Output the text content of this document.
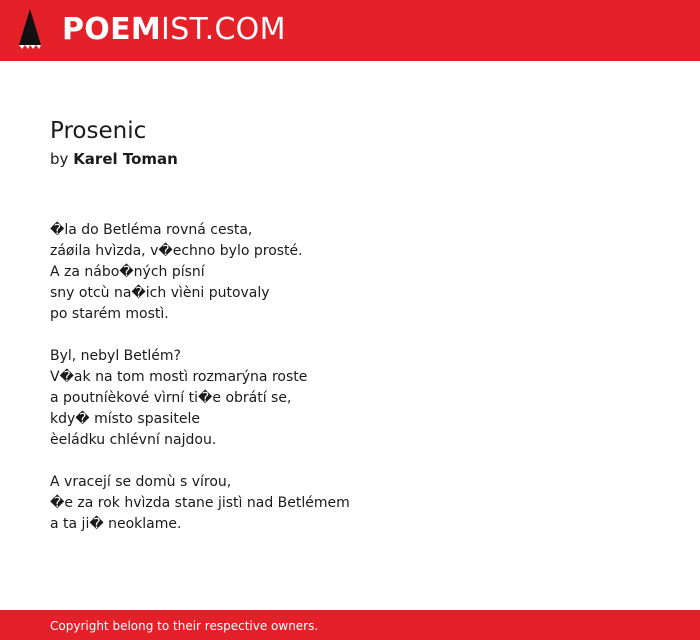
POEMIST.COM
Prosenic
by Karel Toman
�la do Betléma rovná cesta,
záøila hvìzda, v�echno bylo prosté.
A za nábo�ných písní
sny otcù na�ich vìèni putovaly
po starém mostì.
Byl, nebyl Betlém?
V�ak na tom mostì rozmarýna roste
a poutníèkové vìrní ti�e obrátí se,
kdy� místo spasitele
èeládku chlévní najdou.
A vracejí se domù s vírou,
�e za rok hvìzda stane jistì nad Betlémem
a ta ji� neoklame.
Copyright belong to their respective owners.
